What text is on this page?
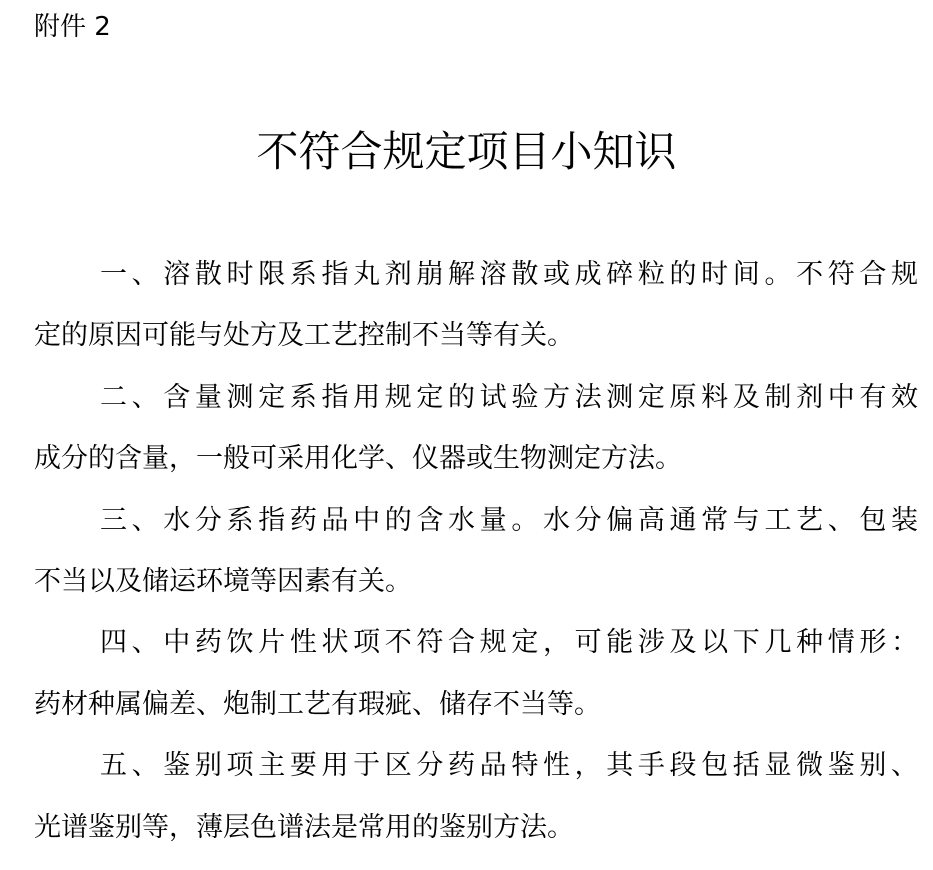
附件 2
不符合规定项目小知识
一、溶散时限系指丸剂崩解溶散或成碎粒的时间。不符合规
定的原因可能与处方及工艺控制不当等有关。
二、含量测定系指用规定的试验方法测定原料及制剂中有效
成分的含量，一般可采用化学、仪器或生物测定方法。
三、水分系指药品中的含水量。水分偏高通常与工艺、包装
不当以及储运环境等因素有关。
四、中药饮片性状项不符合规定，可能涉及以下几种情形：
药材种属偏差、炮制工艺有瑕疵、储存不当等。
五、鉴别项主要用于区分药品特性，其手段包括显微鉴别、
光谱鉴别等，薄层色谱法是常用的鉴别方法。
